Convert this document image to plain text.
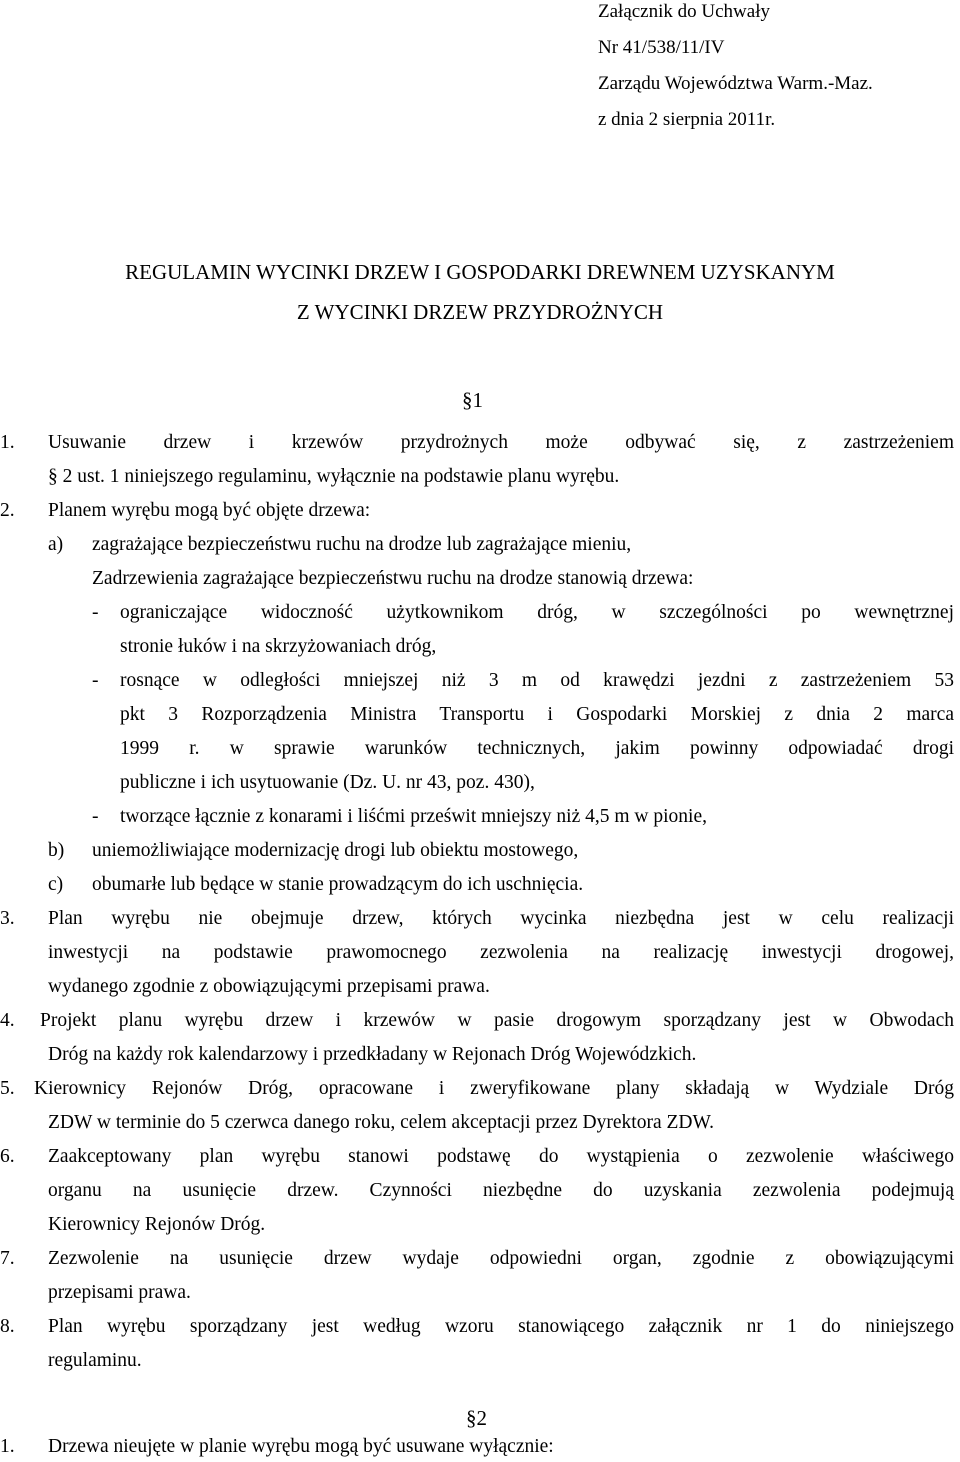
Załącznik do Uchwały
Nr 41/538/11/IV
Zarządu Województwa Warm.-Maz.
z dnia 2 sierpnia 2011r.
REGULAMIN WYCINKI DRZEW I GOSPODARKI DREWNEM UZYSKANYM
Z WYCINKI DRZEW PRZYDROŻNYCH
§1
1. Usuwanie drzew i krzewów przydrożnych może odbywać się, z zastrzeżeniem
§ 2 ust. 1 niniejszego regulaminu, wyłącznie na podstawie planu wyrębu.
2. Planem wyrębu mogą być objęte drzewa:
a) zagrażające bezpieczeństwu ruchu na drodze lub zagrażające mieniu,
Zadrzewienia zagrażające bezpieczeństwu ruchu na drodze stanowią drzewa:
- ograniczające widoczność użytkownikom dróg, w szczególności po wewnętrznej
stronie łuków i na skrzyżowaniach dróg,
- rosnące w odległości mniejszej niż 3 m od krawędzi jezdni z zastrzeżeniem 53
pkt 3 Rozporządzenia Ministra Transportu i Gospodarki Morskiej z dnia 2 marca
1999 r. w sprawie warunków technicznych, jakim powinny odpowiadać drogi
publiczne i ich usytuowanie (Dz. U. nr 43, poz. 430),
- tworzące łącznie z konarami i liśćmi prześwit mniejszy niż 4,5 m w pionie,
b) uniemożliwiające modernizację drogi lub obiektu mostowego,
c) obumarłe lub będące w stanie prowadzącym do ich uschnięcia.
3. Plan wyrębu nie obejmuje drzew, których wycinka niezbędna jest w celu realizacji
inwestycji na podstawie prawomocnego zezwolenia na realizację inwestycji drogowej,
wydanego zgodnie z obowiązującymi przepisami prawa.
4. Projekt planu wyrębu drzew i krzewów w pasie drogowym sporządzany jest w Obwodach
Dróg na każdy rok kalendarzowy i przedkładany w Rejonach Dróg Wojewódzkich.
5. Kierownicy Rejonów Dróg, opracowane i zweryfikowane plany składają w Wydziale Dróg
ZDW w terminie do 5 czerwca danego roku, celem akceptacji przez Dyrektora ZDW.
6. Zaakceptowany plan wyrębu stanowi podstawę do wystąpienia o zezwolenie właściwego
organu na usunięcie drzew. Czynności niezbędne do uzyskania zezwolenia podejmują
Kierownicy Rejonów Dróg.
7. Zezwolenie na usunięcie drzew wydaje odpowiedni organ, zgodnie z obowiązującymi
przepisami prawa.
8. Plan wyrębu sporządzany jest według wzoru stanowiącego załącznik nr 1 do niniejszego
regulaminu.
§2
1. Drzewa nieujęte w planie wyrębu mogą być usuwane wyłącznie:
